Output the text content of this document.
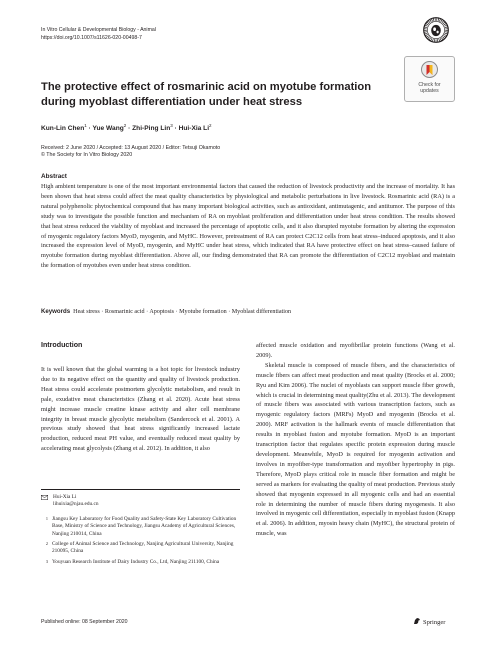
In Vitro Cellular & Developmental Biology - Animal
https://doi.org/10.1007/s11626-020-00498-7
Check for
updates
The protective effect of rosmarinic acid on myotube formation during myoblast differentiation under heat stress
Kun-Lin Chen$^1$ · Yue Wang$^2$ · Zhi-Ping Lin$^3$ · Hui-Xia Li$^2$
Received: 2 June 2020 / Accepted: 13 August 2020 / Editor: Tetsuji Okamoto
© The Society for In Vitro Biology 2020
Abstract
High ambient temperature is one of the most important environmental factors that caused the reduction of livestock productivity and the increase of mortality. It has been shown that heat stress could affect the meat quality characteristics by physiological and metabolic perturbations in live livestock. Rosmarinic acid (RA) is a natural polyphenolic phytochemical compound that has many important biological activities, such as antioxidant, antimutagenic, and antitumor. The purpose of this study was to investigate the possible function and mechanism of RA on myoblast proliferation and differentiation under heat stress condition. The results showed that heat stress reduced the viability of myoblast and increased the percentage of apoptotic cells, and it also disrupted myotube formation by altering the expression of myogenic regulatory factors MyoD, myogenin, and MyHC. However, pretreatment of RA can protect C2C12 cells from heat stress–induced apoptosis, and it also increased the expression level of MyoD, myogenin, and MyHC under heat stress, which indicated that RA have protective effect on heat stress–caused failure of myotube formation during myoblast differentiation. Above all, our finding demonstrated that RA can promote the differentiation of C2C12 myoblast and maintain the formation of myotubes even under heat stress condition.
Keywords Heat stress · Rosmarinic acid · Apoptosis · Myotube formation · Myoblast differentiation
Introduction

It is well known that the global warming is a hot topic for livestock industry due to its negative effect on the quantity and quality of livestock production. Heat stress could accelerate postmortem glycolytic metabolism, and result in pale, exudative meat characteristics (Zhang et al. 2020). Acute heat stress might increase muscle creatine kinase activity and alter cell membrane integrity in breast muscle glycolytic metabolism (Sandercock et al. 2001). A previous study showed that heat stress significantly increased lactate production, reduced meat PH value, and eventually reduced meat quality by accelerating meat glycolysis (Zhang et al. 2012). In addition, it also

Hui-Xia Li
lihuixia@njau.edu.cn
1 Jiangsu Key Laboratory for Food Quality and Safety-State Key Laboratory Cultivation Base, Ministry of Science and Technology, Jiangsu Academy of Agricultural Sciences, Nanjing 210014, China
2 College of Animal Science and Technology, Nanjing Agricultural University, Nanjing 210095, China
3 Youyuan Research Institute of Dairy Industry Co., Ltd, Nanjing 211100, China

affected muscle oxidation and myofibrillar protein functions (Wang et al. 2009).

Skeletal muscle is composed of muscle fibers, and the characteristics of muscle fibers can affect meat production and meat quality (Brocks et al. 2000; Ryu and Kim 2006). The nuclei of myoblasts can support muscle fiber growth, which is crucial in determining meat quality(Zhu et al. 2013). The development of muscle fibers was associated with various transcription factors, such as myogenic regulatory factors (MRFs) MyoD and myogenin (Brocks et al. 2000). MRF activation is the hallmark events of muscle differentiation that results in myoblast fusion and myotube formation. MyoD is an important transcription factor that regulates specific protein expression during muscle development. Meanwhile, MyoD is required for myogenin activation and involves in myofiber-type transformation and myofiber hypertrophy in pigs. Therefore, MyoD plays critical role in muscle fiber formation and might be served as markers for evaluating the quality of meat production. Previous study showed that myogenin expressed in all myogenic cells and had an essential role in determining the number of muscle fibers during myogenesis. It also involved in myogenic cell differentiation, especially in myoblast fusion (Knapp et al. 2006). In addition, myosin heavy chain (MyHC), the structural protein of muscle, was

Published online: 08 September 2020	Springer
